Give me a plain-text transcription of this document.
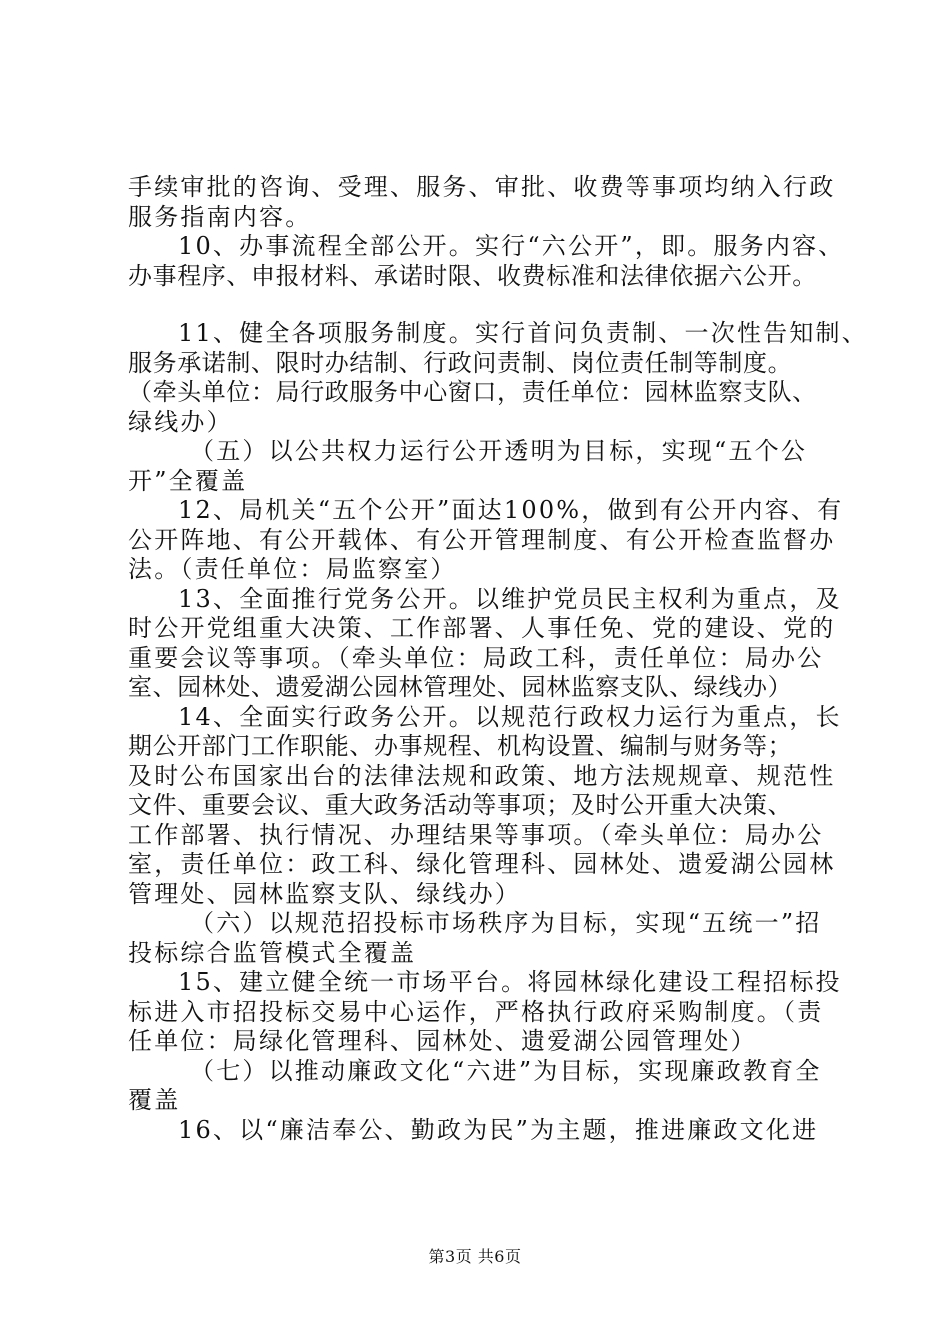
手续审批的咨询、受理、服务、审批、收费等事项均纳入行政
服务指南内容。
10、办事流程全部公开。实行“六公开”，即。服务内容、
办事程序、申报材料、承诺时限、收费标准和法律依据六公开。
11、健全各项服务制度。实行首问负责制、一次性告知制、
服务承诺制、限时办结制、行政问责制、岗位责任制等制度。
（牵头单位：局行政服务中心窗口，责任单位：园林监察支队、
绿线办）
（五）以公共权力运行公开透明为目标，实现“五个公
开”全覆盖
12、局机关“五个公开”面达100%，做到有公开内容、有
公开阵地、有公开载体、有公开管理制度、有公开检查监督办
法。（责任单位：局监察室）
13、全面推行党务公开。以维护党员民主权利为重点，及
时公开党组重大决策、工作部署、人事任免、党的建设、党的
重要会议等事项。（牵头单位：局政工科，责任单位：局办公
室、园林处、遗爱湖公园林管理处、园林监察支队、绿线办）
14、全面实行政务公开。以规范行政权力运行为重点，长
期公开部门工作职能、办事规程、机构设置、编制与财务等；
及时公布国家出台的法律法规和政策、地方法规规章、规范性
文件、重要会议、重大政务活动等事项；及时公开重大决策、
工作部署、执行情况、办理结果等事项。（牵头单位：局办公
室，责任单位：政工科、绿化管理科、园林处、遗爱湖公园林
管理处、园林监察支队、绿线办）
（六）以规范招投标市场秩序为目标，实现“五统一”招
投标综合监管模式全覆盖
15、建立健全统一市场平台。将园林绿化建设工程招标投
标进入市招投标交易中心运作，严格执行政府采购制度。（责
任单位：局绿化管理科、园林处、遗爱湖公园管理处）
（七）以推动廉政文化“六进”为目标，实现廉政教育全
覆盖
16、以“廉洁奉公、勤政为民”为主题，推进廉政文化进
第3页 共6页
